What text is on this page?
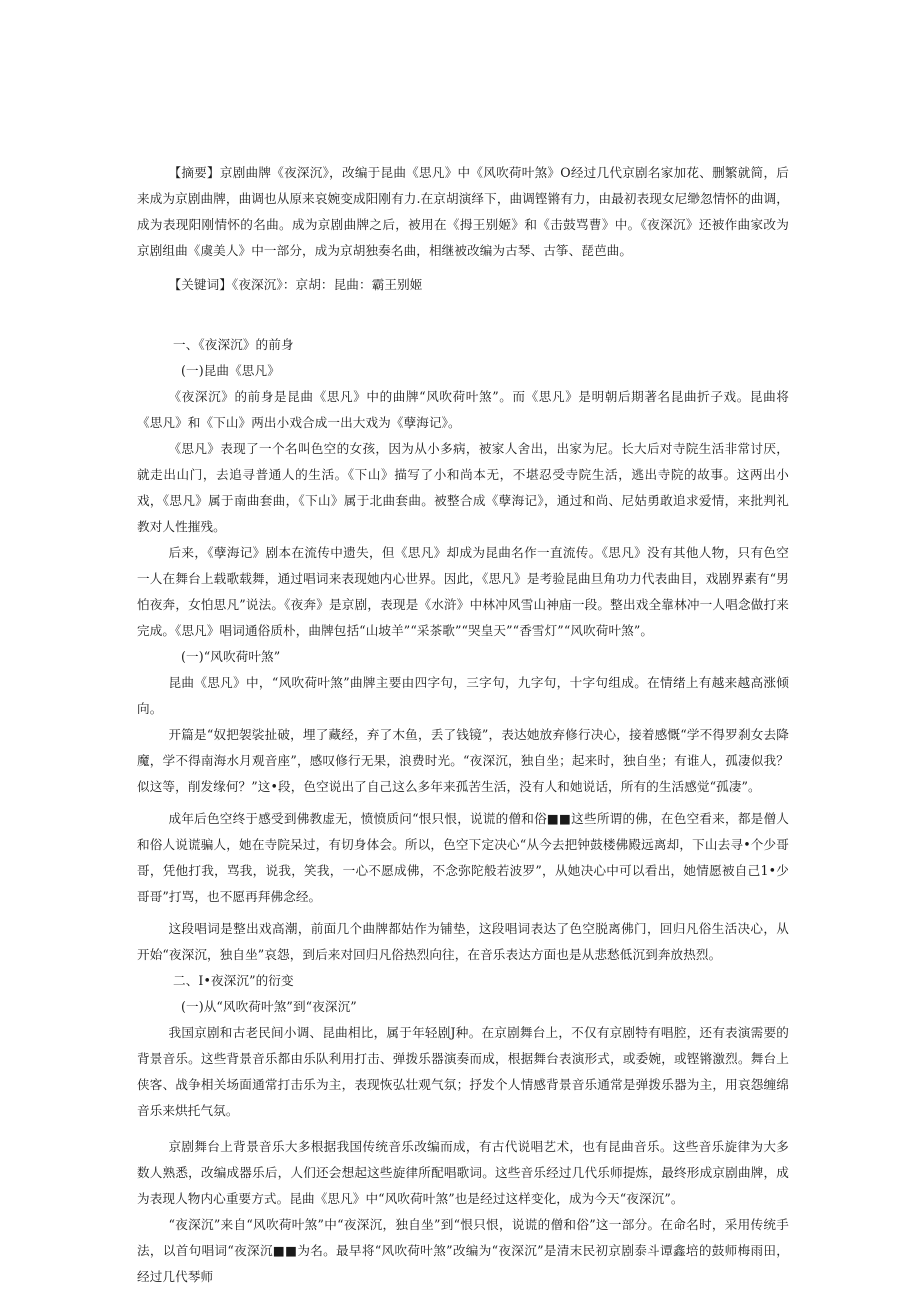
【摘要】京剧曲牌《夜深沉》，改编于昆曲《思凡》中《风吹荷叶煞》O经过几代京剧名家加花、删繁就简，后来成为京剧曲牌，曲调也从原来哀婉变成阳刚有力.在京胡演绎下，曲调铿锵有力，由最初表现女尼缈忽情怀的曲调，成为表现阳刚情怀的名曲。成为京剧曲牌之后，被用在《拇王别姬》和《击鼓骂曹》中。《夜深沉》还被作曲家改为京剧组曲《虞美人》中一部分，成为京胡独奏名曲，相继被改编为古琴、古筝、琵芭曲。

【关键词】《夜深沉》：京胡：昆曲：霸王别姬

一、《夜深沉》的前身

(一)昆曲《思凡》

《夜深沉》的前身是昆曲《思凡》中的曲牌“风吹荷叶煞”。而《思凡》是明朝后期著名昆曲折子戏。昆曲将《思凡》和《下山》两出小戏合成一出大戏为《孽海记》。

《思凡》表现了一个名叫色空的女孩，因为从小多病，被家人舍出，出家为尼。长大后对寺院生活非常讨厌，就走出山门，去追寻普通人的生活。《下山》描写了小和尚本无，不堪忍受寺院生活，逃出寺院的故事。这两出小戏，《思凡》属于南曲套曲，《下山》属于北曲套曲。被整合成《孽海记》，通过和尚、尼姑勇敢追求爱情，来批判礼教对人性摧残。

后来，《孽海记》剧本在流传中遗失，但《思凡》却成为昆曲名作一直流传。《思凡》没有其他人物，只有色空一人在舞台上载歌载舞，通过唱词来表现她内心世界。因此，《思凡》是考验昆曲旦角功力代表曲目，戏剧界素有“男怕夜奔，女怕思凡”说法。《夜奔》是京剧，表现是《水浒》中林冲风雪山神庙一段。整出戏全靠林冲一人唱念做打来完成。《思凡》唱词通俗质朴，曲牌包括“山坡羊”“采茶歌”“哭皇天”“香雪灯”“风吹荷叶煞”。

(一)“风吹荷叶煞”

昆曲《思凡》中，“风吹荷叶煞”曲牌主要由四字句，三字句，九字句，十字句组成。在情绪上有越来越高涨倾向。

开篇是“奴把袈裟扯破，埋了藏经，弃了木鱼，丢了钱镜”，表达她放弃修行决心，接着感慨“学不得罗刹女去降魔，学不得南海水月观音座”，感叹修行无果，浪费时光。“夜深沉，独自坐；起来时，独自坐；有谁人，孤凄似我？似这等，削发缘何？”这•段，色空说出了自己这么多年来孤苦生活，没有人和她说话，所有的生活感觉“孤凄”。

成年后色空终于感受到佛教虚无，愤愤质问“恨只恨，说谎的僧和俗■■这些所谓的佛，在色空看来，都是僧人和俗人说谎骗人，她在寺院呆过，有切身体会。所以，色空下定决心“从今去把钟鼓楼佛殿远离却，下山去寻•个少哥哥，凭他打我，骂我，说我，笑我，一心不愿成佛，不念弥陀般若波罗”，从她决心中可以看出，她情愿被自己1•少哥哥”打骂，也不愿再拜佛念经。

这段唱词是整出戏高潮，前面几个曲牌都姑作为铺垫，这段唱词表达了色空脱离佛门，回归凡俗生活决心，从开始“夜深沉，独自坐”哀怨，到后来对回归凡俗热烈向往，在音乐表达方面也是从悲愁低沉到奔放热烈。

二、I•夜深沉”的衍变

(一)从“风吹荷叶煞”到“夜深沉”

我国京剧和古老民间小调、昆曲相比，属于年轻剧J种。在京剧舞台上，不仅有京剧特有唱腔，还有表演需要的背景音乐。这些背景音乐都由乐队利用打击、弹拨乐器演奏而成，根据舞台表演形式，或委婉，或铿锵激烈。舞台上侠客、战争相关场面通常打击乐为主，表现恢弘壮观气氛；抒发个人情感背景音乐通常是弹拨乐器为主，用哀怨缠绵音乐来烘托气氛。

京剧舞台上背景音乐大多根据我国传统音乐改编而成，有古代说唱艺术，也有昆曲音乐。这些音乐旋律为大多数人熟悉，改编成器乐后，人们还会想起这些旋律所配唱歌词。这些音乐经过几代乐师提炼，最终形成京剧曲牌，成为表现人物内心重要方式。昆曲《思凡》中“风吹荷叶煞”也是经过这样变化，成为今天“夜深沉”。

“夜深沉”来自“风吹荷叶煞”中“夜深沉，独自坐”到“恨只恨，说谎的僧和俗”这一部分。在命名时，采用传统手法，以首句唱词“夜深沉■■为名。最早将“风吹荷叶煞”改编为“夜深沉”是清末民初京剧泰斗谭鑫培的鼓师梅雨田，经过几代琴师
